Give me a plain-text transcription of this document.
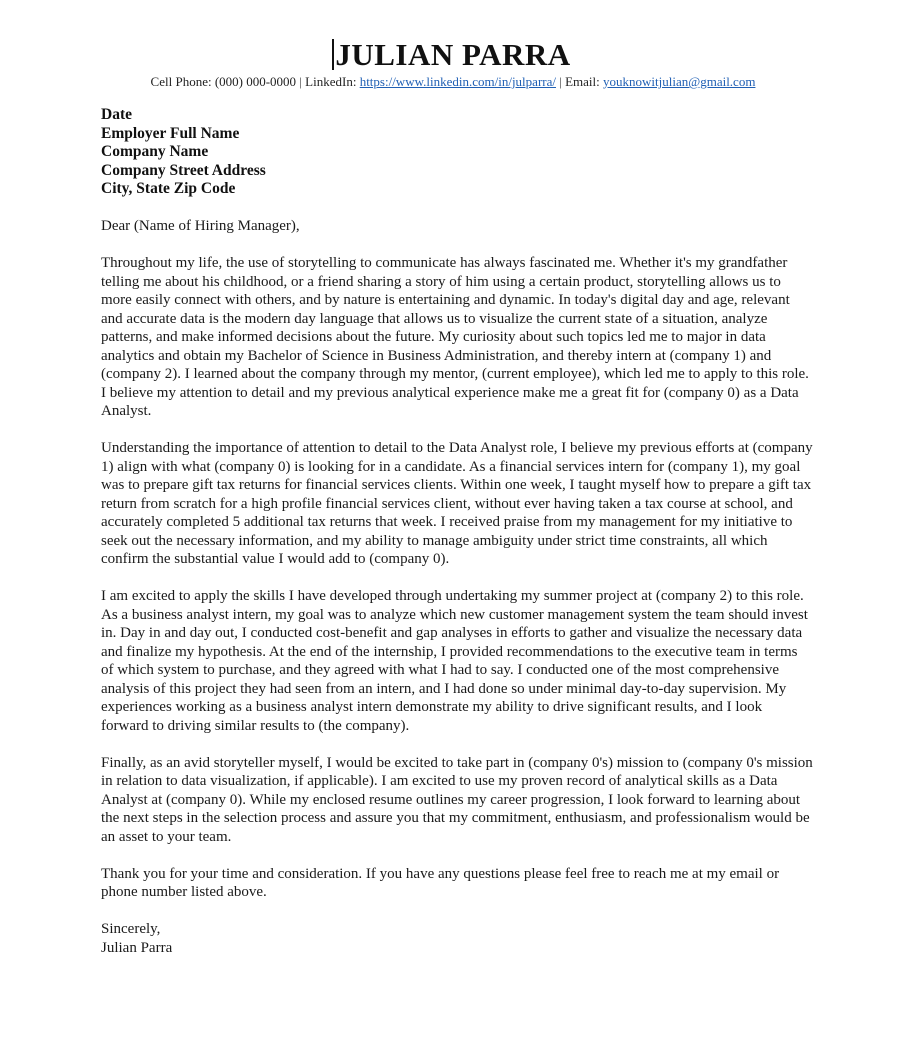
JULIAN PARRA
Cell Phone: (000) 000-0000 | LinkedIn: https://www.linkedin.com/in/julparra/ | Email: youknowitjulian@gmail.com
Date
Employer Full Name
Company Name
Company Street Address
City, State Zip Code

Dear (Name of Hiring Manager),

Throughout my life, the use of storytelling to communicate has always fascinated me. Whether it's my grandfather telling me about his childhood, or a friend sharing a story of him using a certain product, storytelling allows us to more easily connect with others, and by nature is entertaining and dynamic. In today's digital day and age, relevant and accurate data is the modern day language that allows us to visualize the current state of a situation, analyze patterns, and make informed decisions about the future. My curiosity about such topics led me to major in data analytics and obtain my Bachelor of Science in Business Administration, and thereby intern at (company 1) and (company 2). I learned about the company through my mentor, (current employee), which led me to apply to this role. I believe my attention to detail and my previous analytical experience make me a great fit for (company 0) as a Data Analyst.

Understanding the importance of attention to detail to the Data Analyst role, I believe my previous efforts at (company 1) align with what (company 0) is looking for in a candidate. As a financial services intern for (company 1), my goal was to prepare gift tax returns for financial services clients. Within one week, I taught myself how to prepare a gift tax return from scratch for a high profile financial services client, without ever having taken a tax course at school, and accurately completed 5 additional tax returns that week. I received praise from my management for my initiative to seek out the necessary information, and my ability to manage ambiguity under strict time constraints, all which confirm the substantial value I would add to (company 0).

I am excited to apply the skills I have developed through undertaking my summer project at (company 2) to this role. As a business analyst intern, my goal was to analyze which new customer management system the team should invest in. Day in and day out, I conducted cost-benefit and gap analyses in efforts to gather and visualize the necessary data and finalize my hypothesis. At the end of the internship, I provided recommendations to the executive team in terms of which system to purchase, and they agreed with what I had to say. I conducted one of the most comprehensive analysis of this project they had seen from an intern, and I had done so under minimal day-to-day supervision. My experiences working as a business analyst intern demonstrate my ability to drive significant results, and I look forward to driving similar results to (the company).

Finally, as an avid storyteller myself, I would be excited to take part in (company 0's) mission to (company 0's mission in relation to data visualization, if applicable). I am excited to use my proven record of analytical skills as a Data Analyst at (company 0). While my enclosed resume outlines my career progression, I look forward to learning about the next steps in the selection process and assure you that my commitment, enthusiasm, and professionalism would be an asset to your team.

Thank you for your time and consideration. If you have any questions please feel free to reach me at my email or phone number listed above.

Sincerely,
Julian Parra
